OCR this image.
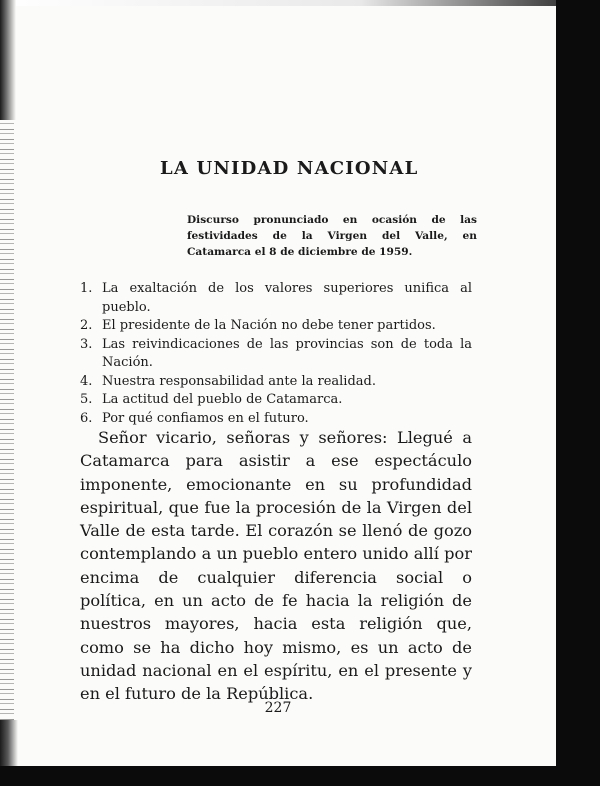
LA UNIDAD NACIONAL

Discurso pronunciado en ocasión de las festividades de la Virgen del Valle, en Catamarca el 8 de diciembre de 1959.

1. La exaltación de los valores superiores unifica al pueblo.
2. El presidente de la Nación no debe tener partidos.
3. Las reivindicaciones de las provincias son de toda la Nación.
4. Nuestra responsabilidad ante la realidad.
5. La actitud del pueblo de Catamarca.
6. Por qué confiamos en el futuro.

Señor vicario, señoras y señores: Llegué a Catamarca para asistir a ese espectáculo imponente, emocionante en su profundidad espiritual, que fue la procesión de la Virgen del Valle de esta tarde. El corazón se llenó de gozo contemplando a un pueblo entero unido allí por encima de cualquier diferencia social o política, en un acto de fe hacia la religión de nuestros mayores, hacia esta religión que, como se ha dicho hoy mismo, es un acto de unidad nacional en el espíritu, en el presente y en el futuro de la República.

227
